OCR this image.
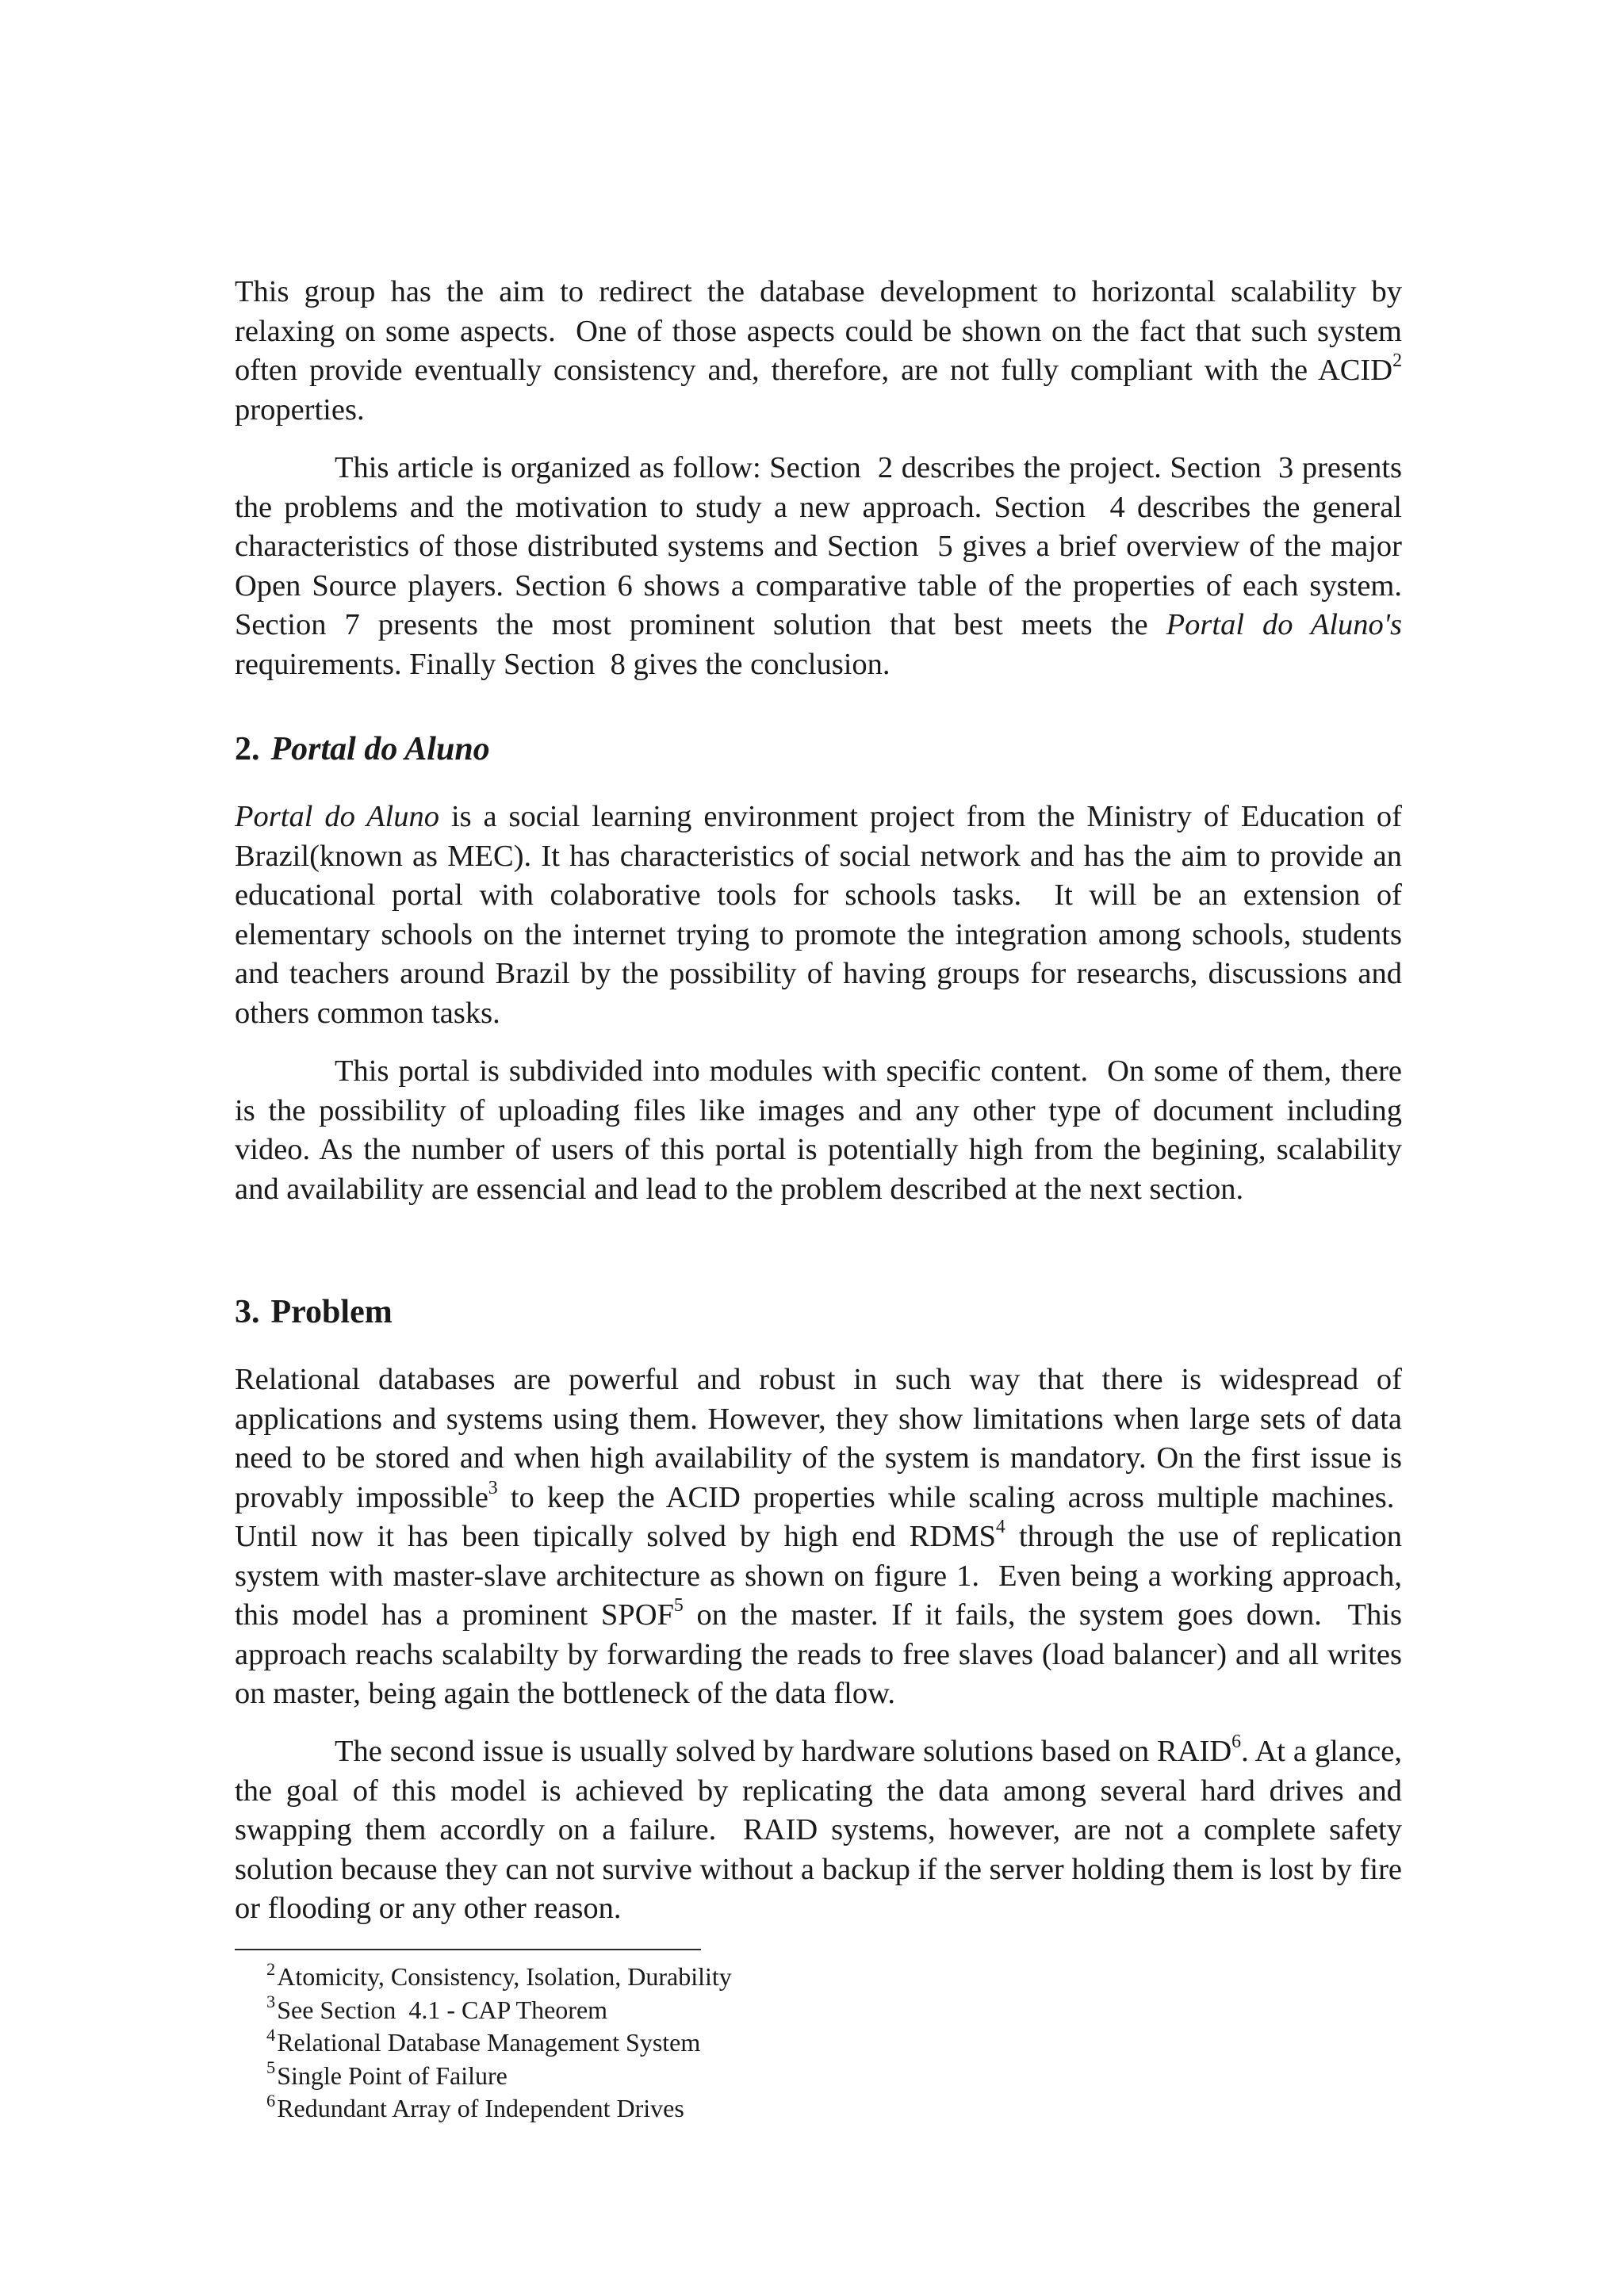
This group has the aim to redirect the database development to horizontal scalability by relaxing on some aspects.  One of those aspects could be shown on the fact that such system often provide eventually consistency and, therefore, are not fully compliant with the ACID$^2$ properties.

This article is organized as follow: Section  2 describes the project. Section  3 presents the problems and the motivation to study a new approach. Section  4 describes the general characteristics of those distributed systems and Section  5 gives a brief overview of the major Open Source players. Section 6 shows a comparative table of the properties of each system. Section 7 presents the most prominent solution that best meets the Portal do Aluno's requirements. Finally Section  8 gives the conclusion.

2. Portal do Aluno

Portal do Aluno is a social learning environment project from the Ministry of Education of Brazil(known as MEC). It has characteristics of social network and has the aim to provide an educational portal with colaborative tools for schools tasks.  It will be an extension of elementary schools on the internet trying to promote the integration among schools, students and teachers around Brazil by the possibility of having groups for researchs, discussions and others common tasks.

This portal is subdivided into modules with specific content.  On some of them, there is the possibility of uploading files like images and any other type of document including video. As the number of users of this portal is potentially high from the begining, scalability and availability are essencial and lead to the problem described at the next section.

3. Problem

Relational databases are powerful and robust in such way that there is widespread of applications and systems using them. However, they show limitations when large sets of data need to be stored and when high availability of the system is mandatory. On the first issue is provably impossible$^3$ to keep the ACID properties while scaling across multiple machines.  Until now it has been tipically solved by high end RDMS$^4$ through the use of replication system with master-slave architecture as shown on figure 1.  Even being a working approach, this model has a prominent SPOF$^5$ on the master. If it fails, the system goes down.  This approach reachs scalabilty by forwarding the reads to free slaves (load balancer) and all writes on master, being again the bottleneck of the data flow.

The second issue is usually solved by hardware solutions based on RAID$^6$. At a glance, the goal of this model is achieved by replicating the data among several hard drives and swapping them accordly on a failure.  RAID systems, however, are not a complete safety solution because they can not survive without a backup if the server holding them is lost by fire or flooding or any other reason.

$^2$Atomicity, Consistency, Isolation, Durability
$^3$See Section  4.1 - CAP Theorem
$^4$Relational Database Management System
$^5$Single Point of Failure
$^6$Redundant Array of Independent Drives
